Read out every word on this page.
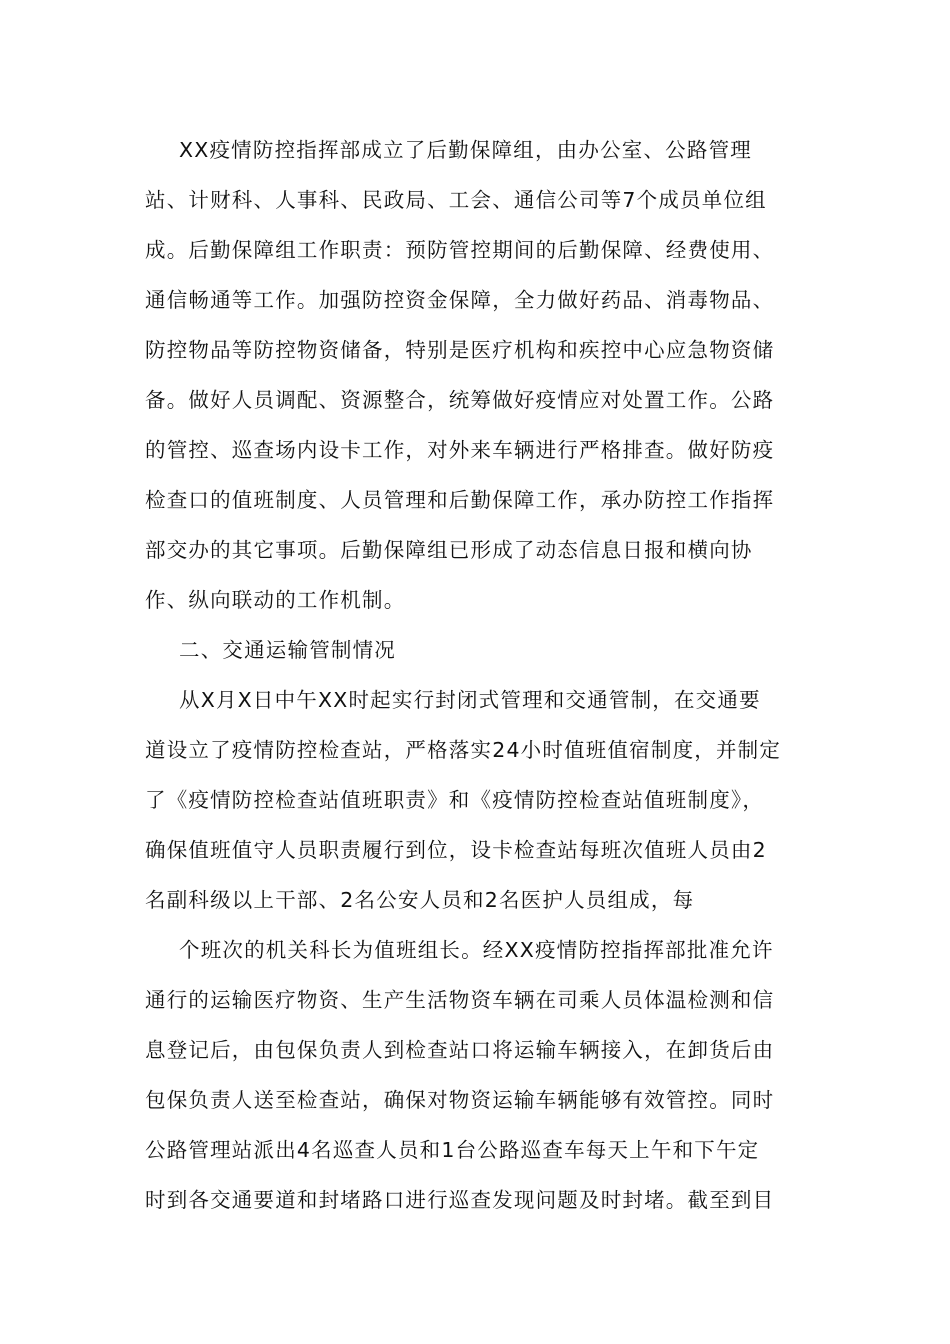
XX疫情防控指挥部成立了后勤保障组，由办公室、公路管理
站、计财科、人事科、民政局、工会、通信公司等7个成员单位组
成。后勤保障组工作职责：预防管控期间的后勤保障、经费使用、
通信畅通等工作。加强防控资金保障，全力做好药品、消毒物品、
防控物品等防控物资储备，特别是医疗机构和疾控中心应急物资储
备。做好人员调配、资源整合，统筹做好疫情应对处置工作。公路
的管控、巡查场内设卡工作，对外来车辆进行严格排查。做好防疫
检查口的值班制度、人员管理和后勤保障工作，承办防控工作指挥
部交办的其它事项。后勤保障组已形成了动态信息日报和横向协
作、纵向联动的工作机制。
二、交通运输管制情况
从X月X日中午XX时起实行封闭式管理和交通管制，在交通要
道设立了疫情防控检查站，严格落实24小时值班值宿制度，并制定
了《疫情防控检查站值班职责》和《疫情防控检查站值班制度》，
确保值班值守人员职责履行到位，设卡检查站每班次值班人员由2
名副科级以上干部、2名公安人员和2名医护人员组成，每
个班次的机关科长为值班组长。经XX疫情防控指挥部批准允许
通行的运输医疗物资、生产生活物资车辆在司乘人员体温检测和信
息登记后，由包保负责人到检查站口将运输车辆接入，在卸货后由
包保负责人送至检查站，确保对物资运输车辆能够有效管控。同时
公路管理站派出4名巡查人员和1台公路巡查车每天上午和下午定
时到各交通要道和封堵路口进行巡查发现问题及时封堵。截至到目
